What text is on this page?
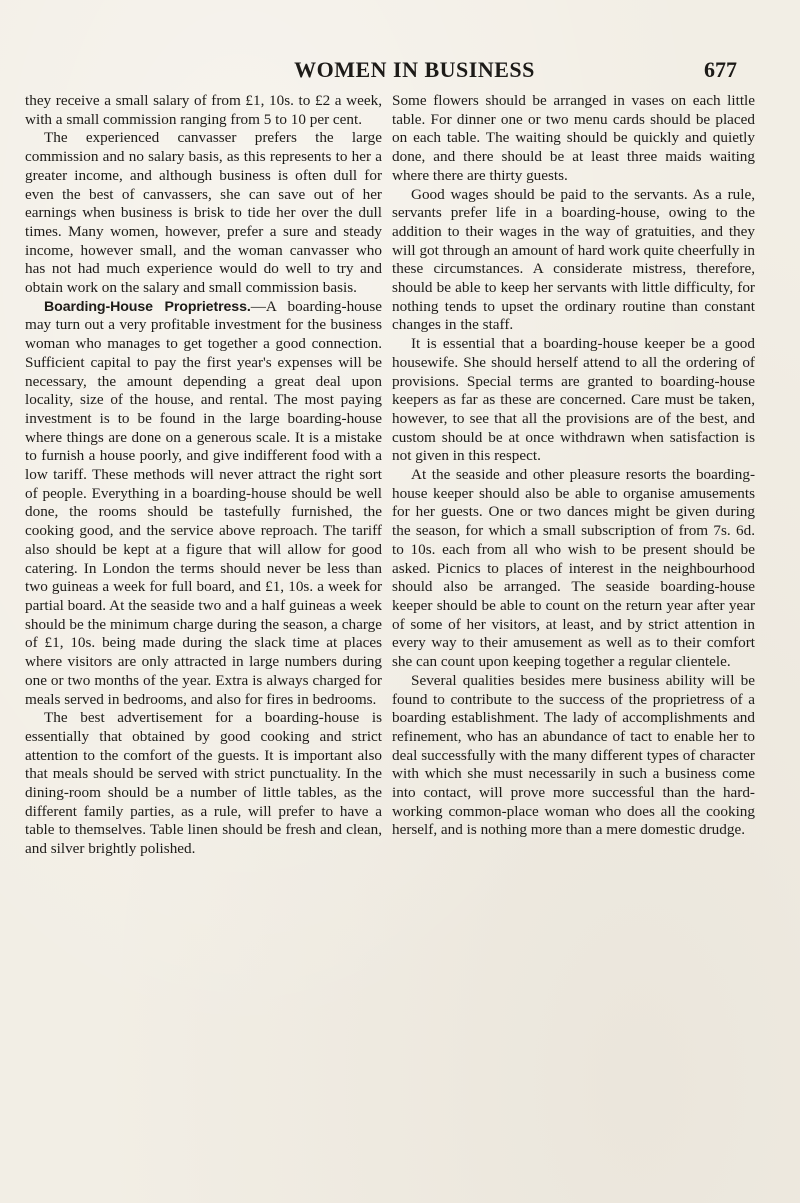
WOMEN IN BUSINESS	677

they receive a small salary of from £1, 10s. to £2 a week, with a small commission ranging from 5 to 10 per cent.

The experienced canvasser prefers the large commission and no salary basis, as this represents to her a greater income, and although business is often dull for even the best of canvassers, she can save out of her earnings when business is brisk to tide her over the dull times. Many women, however, prefer a sure and steady income, however small, and the woman canvasser who has not had much experience would do well to try and obtain work on the salary and small commission basis.

Boarding-House Proprietress.—A boarding-house may turn out a very profitable investment for the business woman who manages to get together a good connection. Sufficient capital to pay the first year's expenses will be necessary, the amount depending a great deal upon locality, size of the house, and rental. The most paying investment is to be found in the large boarding-house where things are done on a generous scale. It is a mistake to furnish a house poorly, and give indifferent food with a low tariff. These methods will never attract the right sort of people. Everything in a boarding-house should be well done, the rooms should be tastefully furnished, the cooking good, and the service above reproach. The tariff also should be kept at a figure that will allow for good catering. In London the terms should never be less than two guineas a week for full board, and £1, 10s. a week for partial board. At the seaside two and a half guineas a week should be the minimum charge during the season, a charge of £1, 10s. being made during the slack time at places where visitors are only attracted in large numbers during one or two months of the year. Extra is always charged for meals served in bedrooms, and also for fires in bedrooms.

The best advertisement for a boarding-house is essentially that obtained by good cooking and strict attention to the comfort of the guests. It is important also that meals should be served with strict punctuality. In the dining-room should be a number of little tables, as the different family parties, as a rule, will prefer to have a table to themselves. Table linen should be fresh and clean, and silver brightly polished.

Some flowers should be arranged in vases on each little table. For dinner one or two menu cards should be placed on each table. The waiting should be quickly and quietly done, and there should be at least three maids waiting where there are thirty guests.

Good wages should be paid to the servants. As a rule, servants prefer life in a boarding-house, owing to the addition to their wages in the way of gratuities, and they will got through an amount of hard work quite cheerfully in these circumstances. A considerate mistress, therefore, should be able to keep her servants with little difficulty, for nothing tends to upset the ordinary routine than constant changes in the staff.

It is essential that a boarding-house keeper be a good housewife. She should herself attend to all the ordering of provisions. Special terms are granted to boarding-house keepers as far as these are concerned. Care must be taken, however, to see that all the provisions are of the best, and custom should be at once withdrawn when satisfaction is not given in this respect.

At the seaside and other pleasure resorts the boarding-house keeper should also be able to organise amusements for her guests. One or two dances might be given during the season, for which a small subscription of from 7s. 6d. to 10s. each from all who wish to be present should be asked. Picnics to places of interest in the neighbourhood should also be arranged. The seaside boarding-house keeper should be able to count on the return year after year of some of her visitors, at least, and by strict attention in every way to their amusement as well as to their comfort she can count upon keeping together a regular clientele.

Several qualities besides mere business ability will be found to contribute to the success of the proprietress of a boarding establishment. The lady of accomplishments and refinement, who has an abundance of tact to enable her to deal successfully with the many different types of character with which she must necessarily in such a business come into contact, will prove more successful than the hard-working common-place woman who does all the cooking herself, and is nothing more than a mere domestic drudge.
